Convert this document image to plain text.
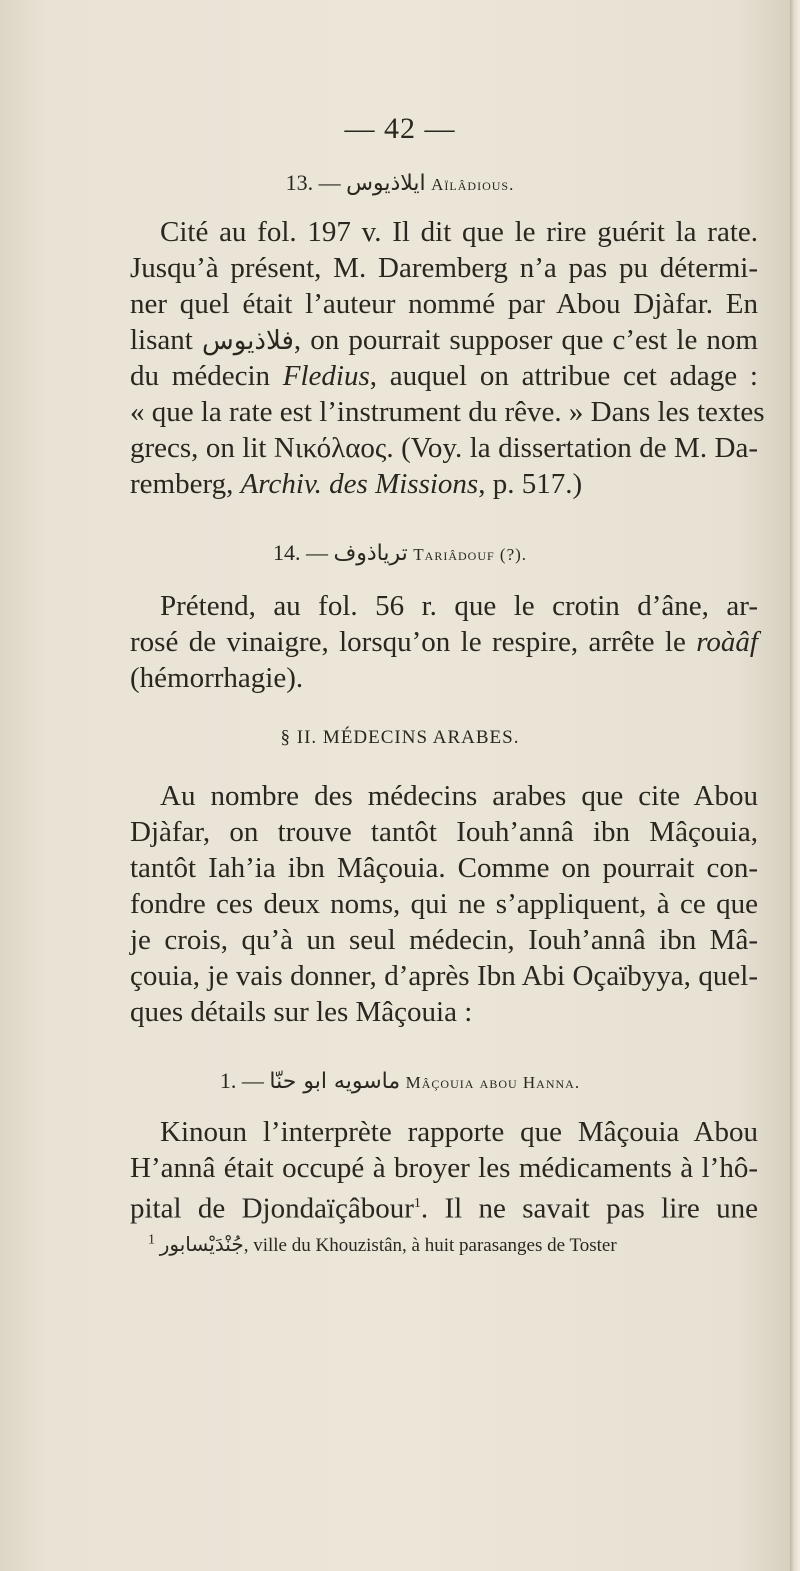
— 42 —
13. — ايلاذيوس Aïlâdious.
Cité au fol. 197 v. Il dit que le rire guérit la rate.
Jusqu’à présent, M. Daremberg n’a pas pu détermi-
ner quel était l’auteur nommé par Abou Djàfar. En
lisant فلاذيوس, on pourrait supposer que c’est le nom
du médecin Fledius, auquel on attribue cet adage :
« que la rate est l’instrument du rêve. » Dans les textes
grecs, on lit Νικόλαος. (Voy. la dissertation de M. Da-
remberg, Archiv. des Missions, p. 517.)
14. — ترياذوف Tariâdouf (?).
Prétend, au fol. 56 r. que le crotin d’âne, ar-
rosé de vinaigre, lorsqu’on le respire, arrête le roàâf
(hémorrhagie).
§ II. MÉDECINS ARABES.
Au nombre des médecins arabes que cite Abou
Djàfar, on trouve tantôt Iouh’annâ ibn Mâçouia,
tantôt Iah’ia ibn Mâçouia. Comme on pourrait con-
fondre ces deux noms, qui ne s’appliquent, à ce que
je crois, qu’à un seul médecin, Iouh’annâ ibn Mâ-
çouia, je vais donner, d’après Ibn Abi Oçaïbyya, quel-
ques détails sur les Mâçouia :
1. — ماسويه ابو حنّا Mâçouia abou Hanna.
Kinoun l’interprète rapporte que Mâçouia Abou
H’annâ était occupé à broyer les médicaments à l’hô-
pital de Djondaïçâbour$^1$. Il ne savait pas lire une
$^1$ جُنْدَيْسابور, ville du Khouzistân, à huit parasanges de Toster
